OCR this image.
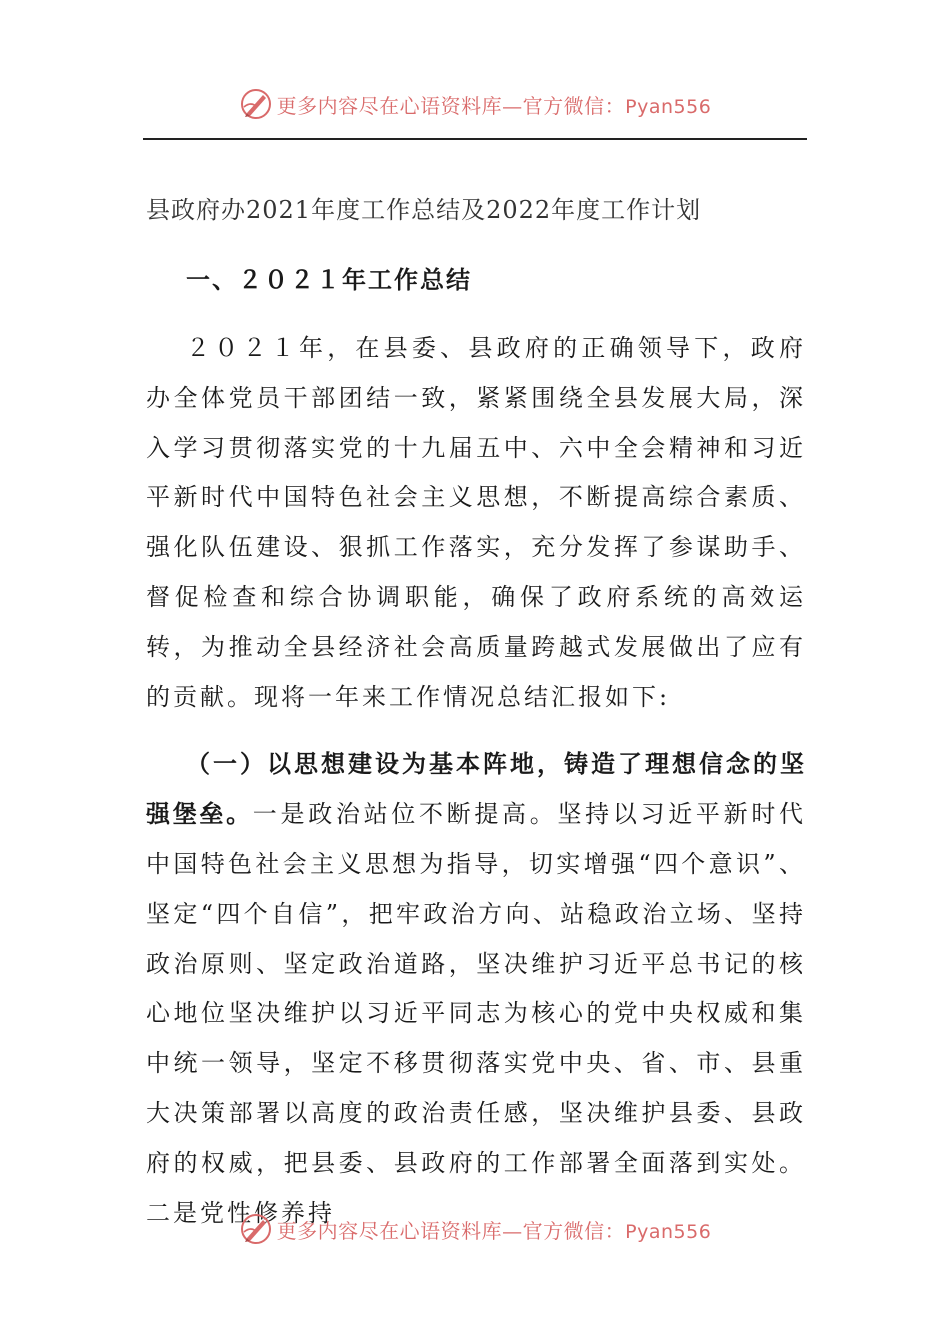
更多内容尽在心语资料库—官方微信：Pyan556
县政府办2021年度工作总结及2022年度工作计划
一、２０２１年工作总结

２０２１年，在县委、县政府的正确领导下，政府办全体党员干部团结一致，紧紧围绕全县发展大局，深入学习贯彻落实党的十九届五中、六中全会精神和习近平新时代中国特色社会主义思想，不断提高综合素质、强化队伍建设、狠抓工作落实，充分发挥了参谋助手、督促检查和综合协调职能，确保了政府系统的高效运转，为推动全县经济社会高质量跨越式发展做出了应有的贡献。现将一年来工作情况总结汇报如下:

（一）以思想建设为基本阵地，铸造了理想信念的坚强堡垒。一是政治站位不断提高。坚持以习近平新时代中国特色社会主义思想为指导，切实增强“四个意识”、坚定“四个自信”，把牢政治方向、站稳政治立场、坚持政治原则、坚定政治道路，坚决维护习近平总书记的核心地位坚决维护以习近平同志为核心的党中央权威和集中统一领导，坚定不移贯彻落实党中央、省、市、县重大决策部署以高度的政治责任感，坚决维护县委、县政府的权威，把县委、县政府的工作部署全面落到实处。二是党性修养持

更多内容尽在心语资料库—官方微信：Pyan556
